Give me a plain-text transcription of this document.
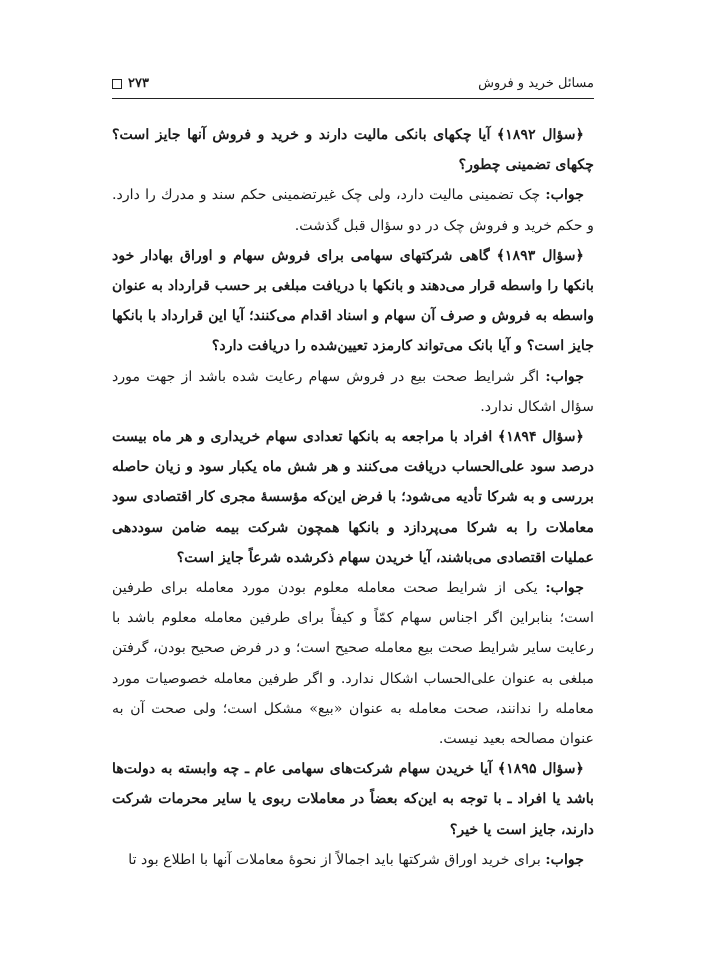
مسائل خرید و فروش
۲۷۳

﴿سؤال ۱۸۹۲﴾ آیا چکهای بانکی مالیت دارند و خرید و فروش آنها جایز است؟ چکهای تضمینی چطور؟

جواب: چک تضمینی مالیت دارد، ولی چک غیرتضمینی حکم سند و مدرك را دارد. و حکم خرید و فروش چک در دو سؤال قبل گذشت.

﴿سؤال ۱۸۹۳﴾ گاهی شرکتهای سهامی برای فروش سهام و اوراق بهادار خود بانکها را واسطه قرار می‌دهند و بانکها با دریافت مبلغی بر حسب قرارداد به عنوان واسطه به فروش و صرف آن سهام و اسناد اقدام می‌کنند؛ آیا این قرارداد با بانکها جایز است؟ و آیا بانک می‌تواند کارمزد تعیین‌شده را دریافت دارد؟

جواب: اگر شرایط صحت بیع در فروش سهام رعایت شده باشد از جهت مورد سؤال اشکال ندارد.

﴿سؤال ۱۸۹۴﴾ افراد با مراجعه به بانکها تعدادی سهام خریداری و هر ماه بیست درصد سود علی‌الحساب دریافت می‌کنند و هر شش ماه یکبار سود و زیان حاصله بررسی و به شرکا تأدیه می‌شود؛ با فرض این‌که مؤسسهٔ مجری کار اقتصادی سود معاملات را به شرکا می‌پردازد و بانکها همچون شرکت بیمه ضامن سوددهی عملیات اقتصادی می‌باشند، آیا خریدن سهام ذکرشده شرعاً جایز است؟

جواب: یکی از شرایط صحت معامله معلوم بودن مورد معامله برای طرفین است؛ بنابراین اگر اجناس سهام کمّاً و کیفاً برای طرفین معامله معلوم باشد با رعایت سایر شرایط صحت بیع معامله صحیح است؛ و در فرض صحیح بودن، گرفتن مبلغی به عنوان علی‌الحساب اشکال ندارد. و اگر طرفین معامله خصوصیات مورد معامله را ندانند، صحت معامله به عنوان «بیع» مشکل است؛ ولی صحت آن به عنوان مصالحه بعید نیست.

﴿سؤال ۱۸۹۵﴾ آیا خریدن سهام شرکت‌های سهامی عام ـ چه وابسته به دولت‌ها باشد یا افراد ـ با توجه به این‌که بعضاً در معاملات ربوی یا سایر محرمات شرکت دارند، جایز است یا خیر؟

جواب: برای خرید اوراق شرکتها باید اجمالاً از نحوهٔ معاملات آنها با اطلاع بود تا
